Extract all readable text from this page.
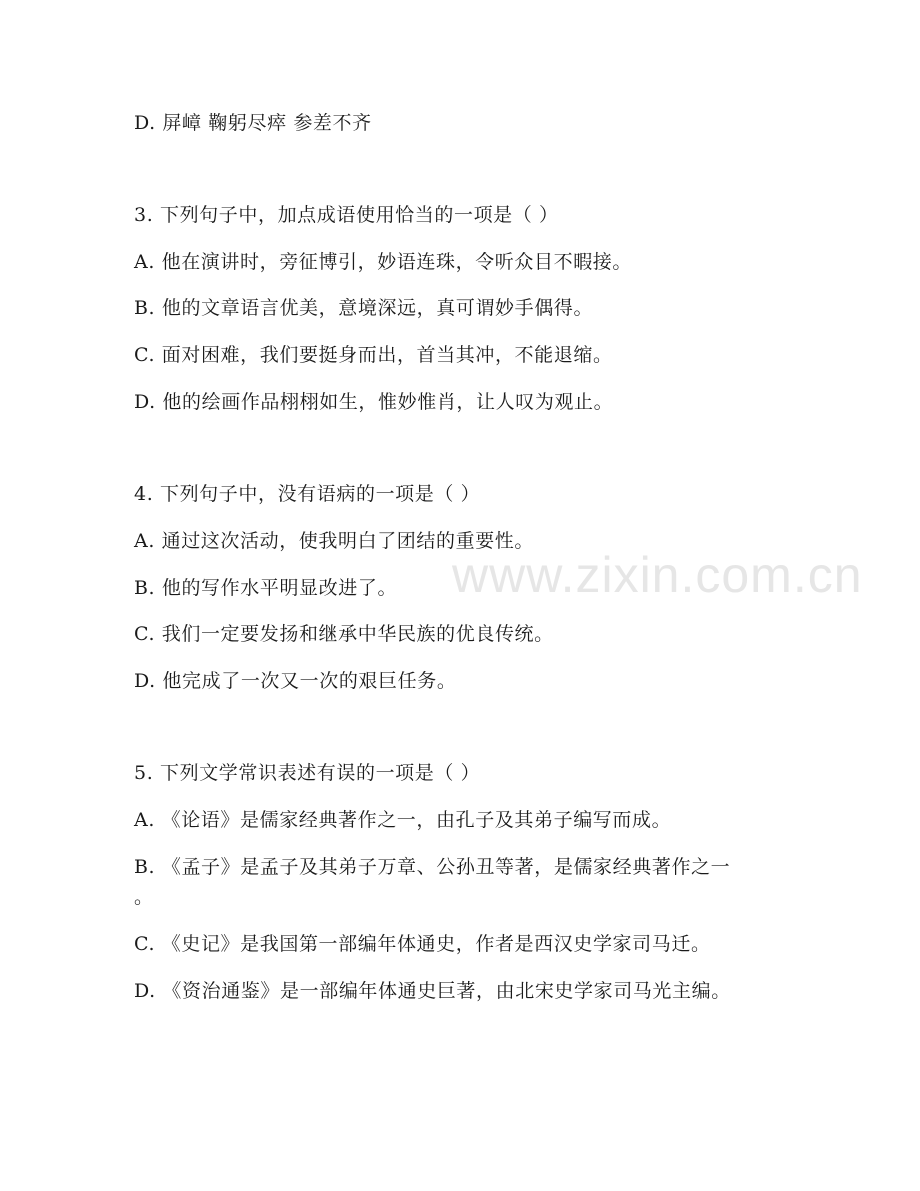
www.zixin.com.cn
D. 屏嶂 鞠躬尽瘁 参差不齐
3. 下列句子中，加点成语使用恰当的一项是（ ）
A. 他在演讲时，旁征博引，妙语连珠，令听众目不暇接。
B. 他的文章语言优美，意境深远，真可谓妙手偶得。
C. 面对困难，我们要挺身而出，首当其冲，不能退缩。
D. 他的绘画作品栩栩如生，惟妙惟肖，让人叹为观止。
4. 下列句子中，没有语病的一项是（ ）
A. 通过这次活动，使我明白了团结的重要性。
B. 他的写作水平明显改进了。
C. 我们一定要发扬和继承中华民族的优良传统。
D. 他完成了一次又一次的艰巨任务。
5. 下列文学常识表述有误的一项是（ ）
A. 《论语》是儒家经典著作之一，由孔子及其弟子编写而成。
B. 《孟子》是孟子及其弟子万章、公孙丑等著，是儒家经典著作之一
。
C. 《史记》是我国第一部编年体通史，作者是西汉史学家司马迁。
D. 《资治通鉴》是一部编年体通史巨著，由北宋史学家司马光主编。
